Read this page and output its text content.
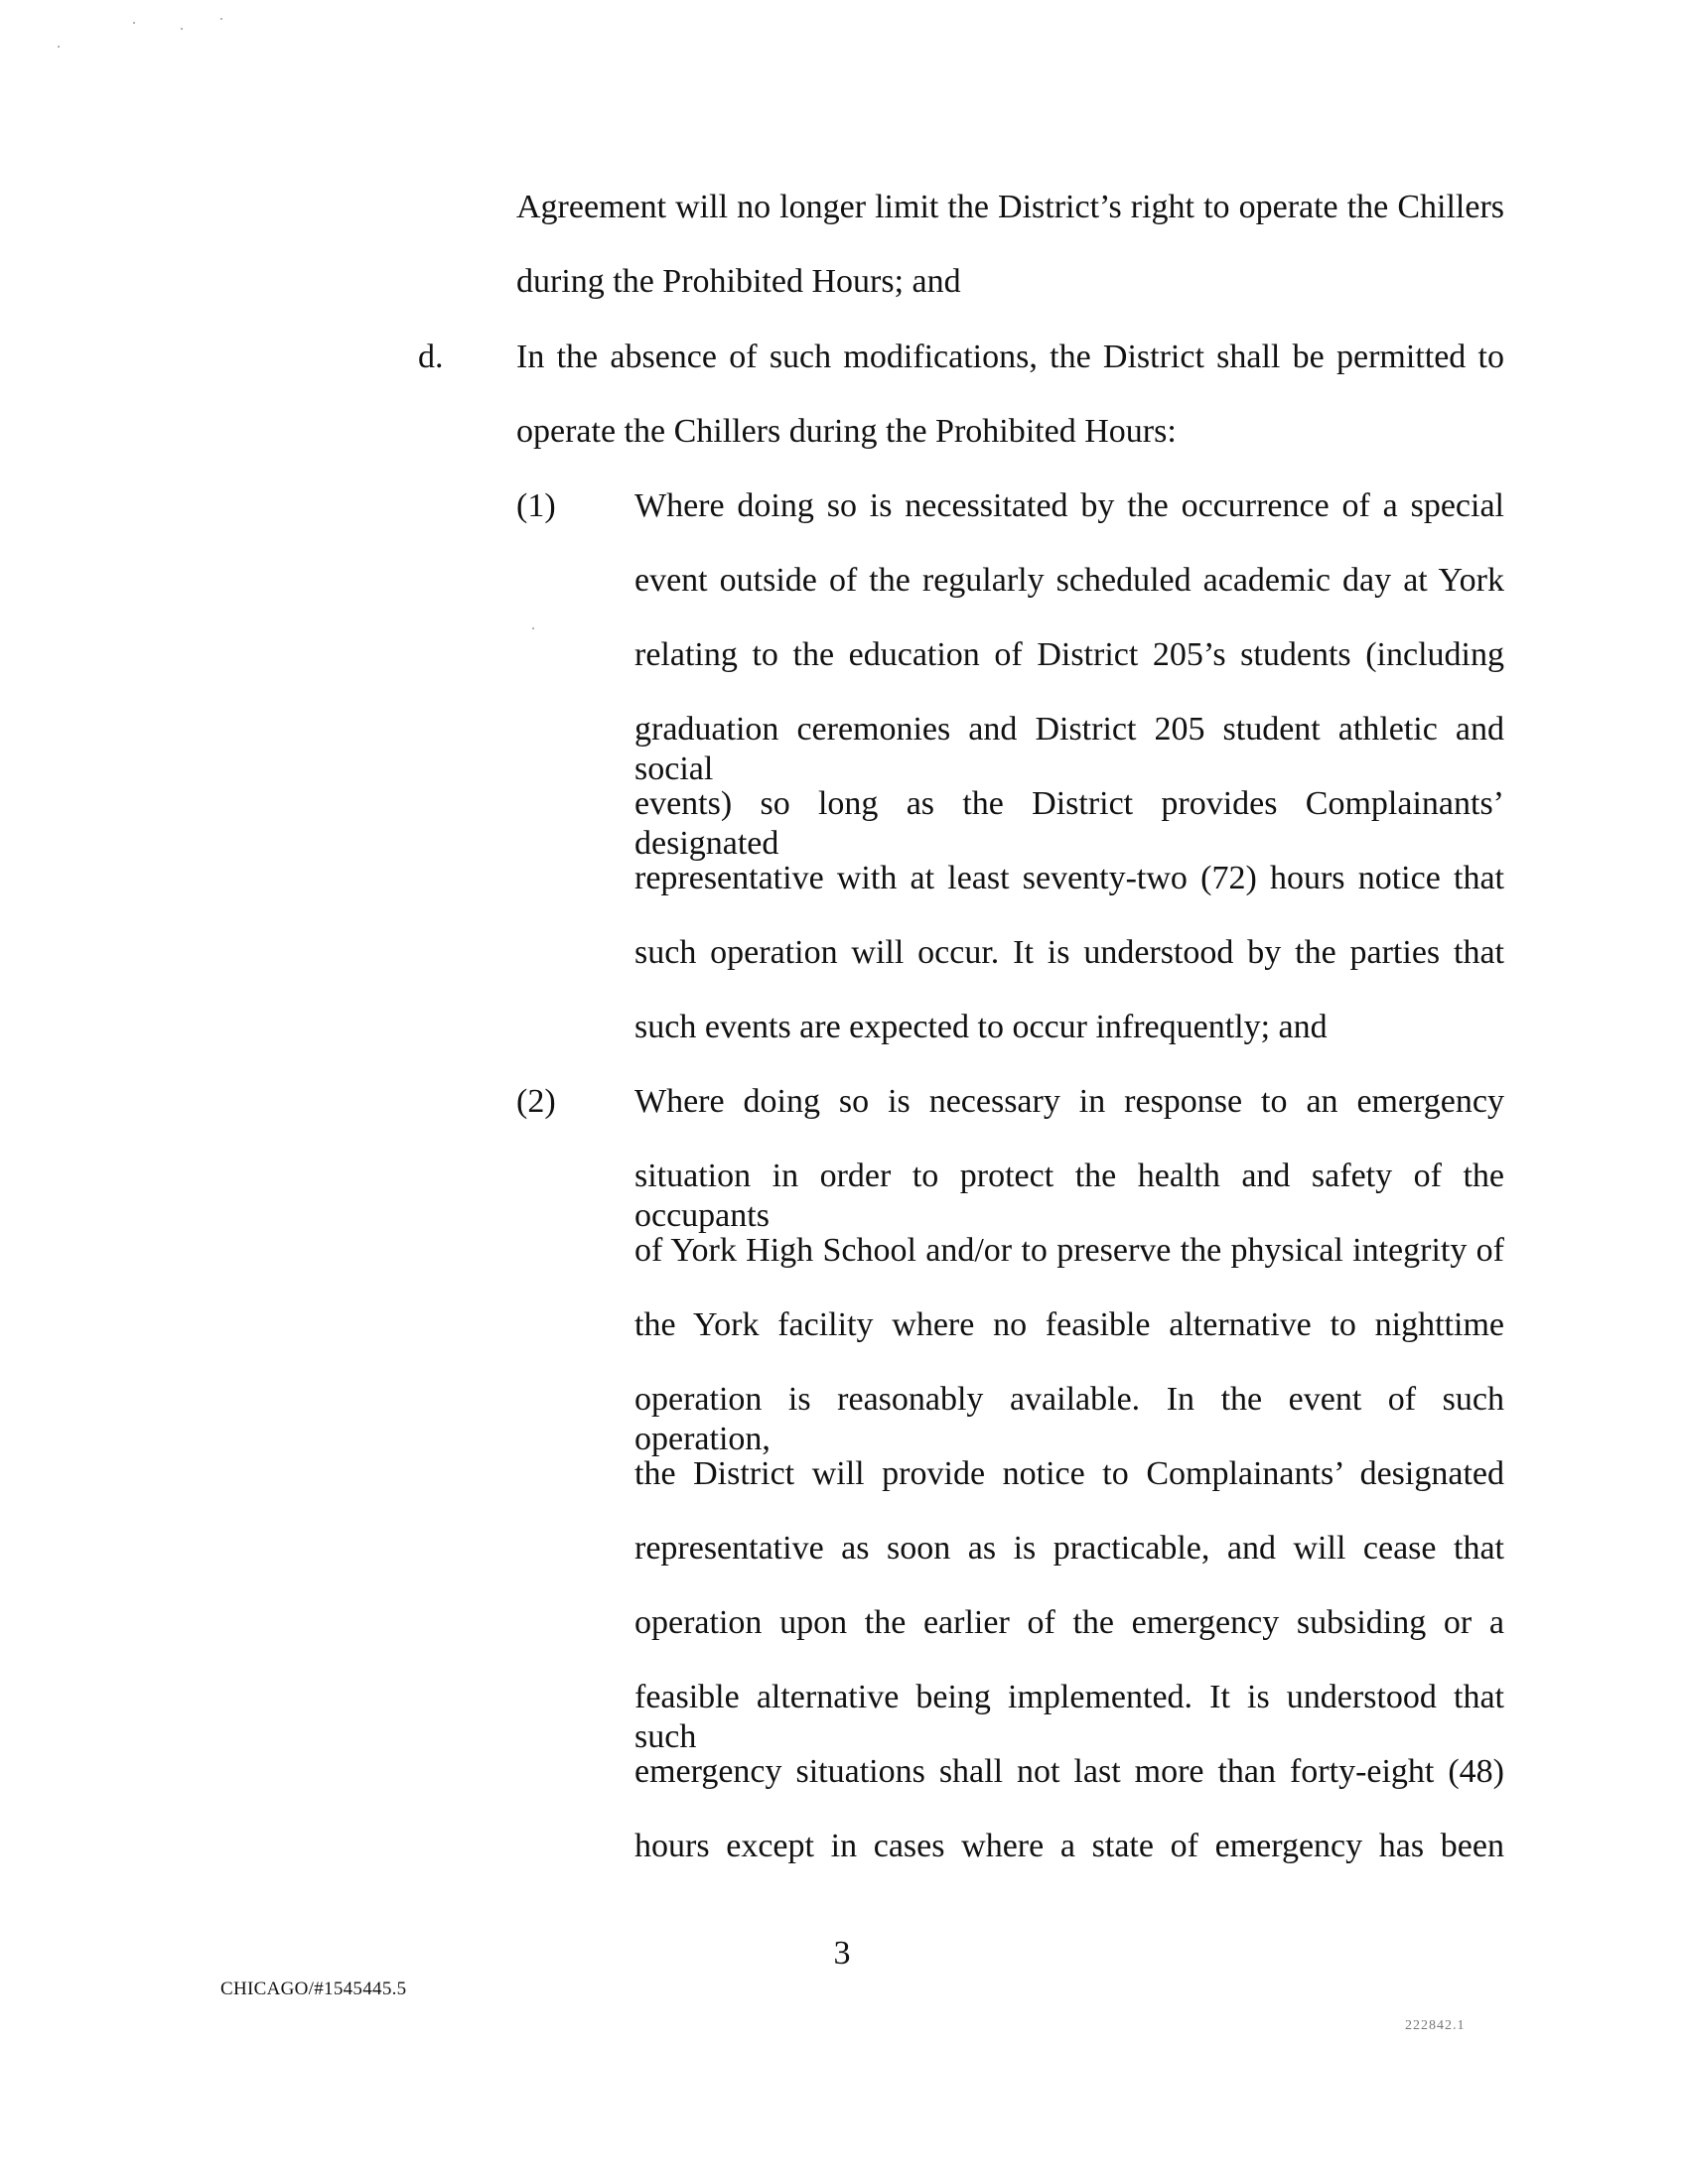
Agreement will no longer limit the District’s right to operate the Chillers
during the Prohibited Hours; and
d. In the absence of such modifications, the District shall be permitted to
operate the Chillers during the Prohibited Hours:
(1) Where doing so is necessitated by the occurrence of a special
event outside of the regularly scheduled academic day at York
relating to the education of District 205’s students (including
graduation ceremonies and District 205 student athletic and social
events) so long as the District provides Complainants’ designated
representative with at least seventy-two (72) hours notice that
such operation will occur. It is understood by the parties that
such events are expected to occur infrequently; and
(2) Where doing so is necessary in response to an emergency
situation in order to protect the health and safety of the occupants
of York High School and/or to preserve the physical integrity of
the York facility where no feasible alternative to nighttime
operation is reasonably available. In the event of such operation,
the District will provide notice to Complainants’ designated
representative as soon as is practicable, and will cease that
operation upon the earlier of the emergency subsiding or a
feasible alternative being implemented. It is understood that such
emergency situations shall not last more than forty-eight (48)
hours except in cases where a state of emergency has been
3
CHICAGO/#1545445.5
222842.1
